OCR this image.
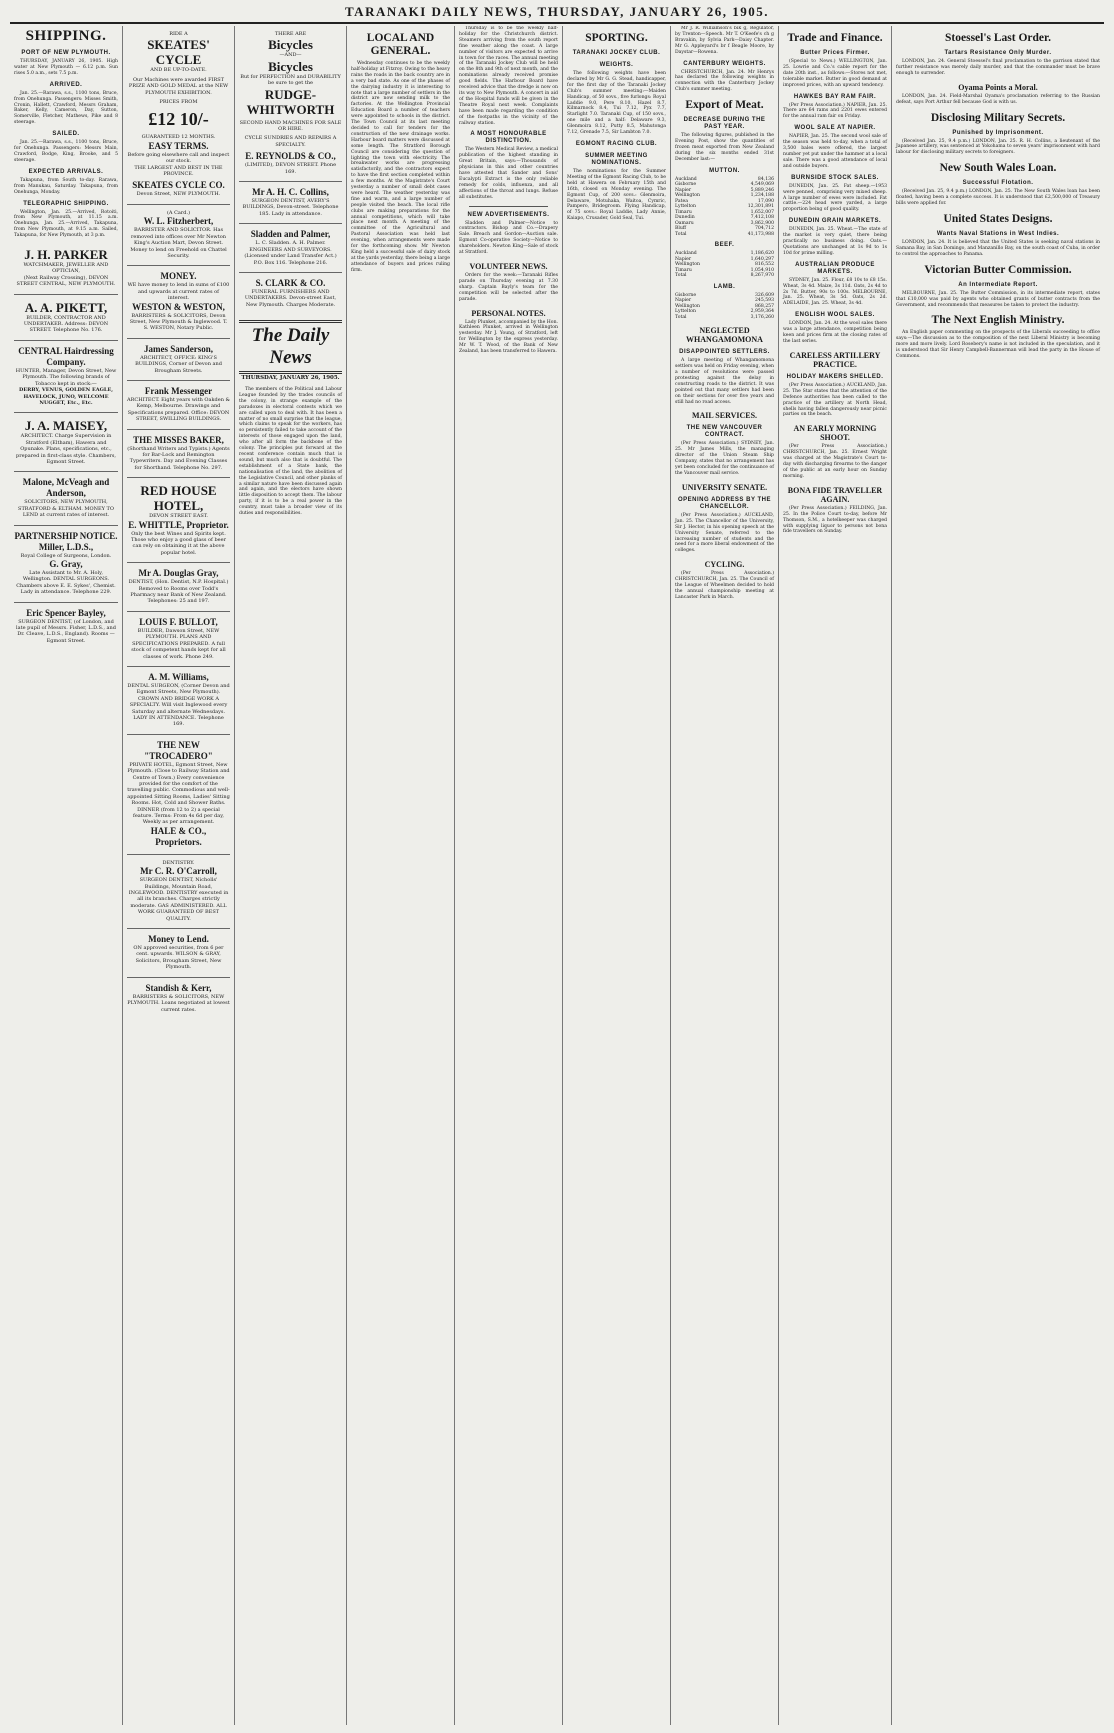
TARANAKI DAILY NEWS, THURSDAY, JANUARY 26, 1905.
SHIPPING.
PORT OF NEW PLYMOUTH.
THURSDAY, JANUARY 26, 1905. High water at New Plymouth — 6.12 p.m. Sun rises 5.0 a.m., sets 7.5 p.m.
ARRIVED.
Jan. 25.—Rarawa, s.s., 1100 tons, Bruce, from Onehunga. Passengers: Misses Smith, Cronin, Hallett, Crawford, Messrs Graham, Baker, Kelly, Cameron, Day, Sutton, Somerville, Fletcher, Mathews, Pike and 8 steerage.
SAILED.
Jan. 25.—Rarawa, s.s., 1100 tons, Bruce, for Onehunga. Passengers: Messrs Main, Crawford, Bodge, King, Brooke, and 5 steerage.
EXPECTED ARRIVALS.
Takapuna, from South to-day. Rarawa, from Manukau, Saturday. Takapuna, from Onehunga, Monday.
TELEGRAPHIC SHIPPING.
Wellington, Jan. 25.—Arrived, Rotoiti, from New Plymouth, at 11.15 a.m. Onehunga, Jan. 25.—Arrived, Takapuna, from New Plymouth, at 9.15 a.m. Sailed, Takapuna, for New Plymouth, at 3 p.m.
J. H. PARKER
WATCHMAKER, JEWELLER AND OPTICIAN,
(Next Railway Crossing), DEVON STREET CENTRAL, NEW PLYMOUTH.
A. A. PIKETT,
BUILDER, CONTRACTOR AND UNDERTAKER. Address: DEVON STREET. Telephone No. 176.
CENTRAL Hairdressing Company.
HUNTER, Manager, Devon Street, New Plymouth. The following brands of Tobacco kept in stock:—
DERBY, VENUS, GOLDEN EAGLE, HAVELOCK, JUNO, WELCOME NUGGET, Etc., Etc.
J. A. MAISEY,
ARCHITECT. Charge Supervision in Stratford (Eltham), Hawera and Opunake. Plans, specifications, etc., prepared in first-class style. Chambers, Egmont Street.
Malone, McVeagh and Anderson,
SOLICITORS, NEW PLYMOUTH, STRATFORD & ELTHAM. MONEY TO LEND at current rates of interest.
PARTNERSHIP NOTICE.
Miller, L.D.S.,
Royal College of Surgeons, London.
G. Gray,
Late Assistant to Mr. A. Holy, Wellington. DENTAL SURGEONS. Chambers above E. E. Sykes', Chemist. Lady in attendance. Telephone 229.
Eric Spencer Bayley,
SURGEON DENTIST, (of London, and late pupil of Messrs. Fisher, L.D.S., and Dr. Cleave, L.D.S., England). Rooms — Egmont Street.
RIDE A
SKEATES' CYCLE
AND BE UP-TO-DATE.
Our Machines were awarded FIRST PRIZE AND GOLD MEDAL at the NEW PLYMOUTH EXHIBITION.
PRICES FROM
£12 10/-
GUARANTEED 12 MONTHS.
EASY TERMS.
Before going elsewhere call and inspect our stock.
THE LARGEST AND BEST IN THE PROVINCE.
SKEATES CYCLE CO.
Devon Street, NEW PLYMOUTH.
(A Card.)
W. L. Fitzherbert,
BARRISTER AND SOLICITOR. Has removed into offices over Mr Newton King's Auction Mart, Devon Street. Money to lend on Freehold on Chattel Security.
MONEY.
WE have money to lend in sums of £100 and upwards at current rates of interest.
WESTON & WESTON,
BARRISTERS & SOLICITORS, Devon Street, New Plymouth & Inglewood. T. S. WESTON, Notary Public.
James Sanderson,
ARCHITECT, OFFICE: KING'S BUILDINGS, Corner of Devon and Brougham Streets.
Frank Messenger
ARCHITECT. Eight years with Oakden & Kemp, Melbourne. Drawings and Specifications prepared. Office: DEVON STREET, SWILLING BUILDINGS.
THE MISSES BAKER,
(Shorthand Writers and Typists.) Agents for Bar-Lock and Remington Typewriters. Day and Evening Classes for Shorthand. Telephone No. 297.
RED HOUSE HOTEL,
DEVON STREET EAST.
E. WHITTLE, Proprietor.
Only the best Wines and Spirits kept. Those who enjoy a good glass of beer can rely on obtaining it at the above popular hotel.
Mr A. Douglas Gray,
DENTIST, (Hon. Dentist, N.P. Hospital.) Removed to Rooms over Todd's Pharmacy near Bank of New Zealand. Telephones: 25 and 197.
LOUIS F. BULLOT,
BUILDER, Dawson Street, NEW PLYMOUTH. PLANS AND SPECIFICATIONS PREPARED. A full stock of competent hands kept for all classes of work. Phone 249.
A. M. Williams,
DENTAL SURGEON, (Corner Devon and Egmont Streets, New Plymouth). CROWN AND BRIDGE WORK A SPECIALTY. Will visit Inglewood every Saturday and alternate Wednesdays. LADY IN ATTENDANCE. Telephone 169.
THE NEW "TROCADERO"
PRIVATE HOTEL, Egmont Street, New Plymouth. (Close to Railway Station and Centre of Town.) Every convenience provided for the comfort of the travelling public. Commodious and well-appointed Sitting Rooms, Ladies' Sitting Rooms. Hot, Cold and Shower Baths. DINNER (from 12 to 2) a special feature. Terms: From 4s 6d per day, Weekly as per arrangement.
HALE & CO., Proprietors.
DENTISTRY.
Mr C. R. O'Carroll,
SURGEON DENTIST, Nicholls' Buildings, Mountain Road, INGLEWOOD. DENTISTRY executed in all its branches. Charges strictly moderate. GAS ADMINISTERED. ALL WORK GUARANTEED OF BEST QUALITY.
Money to Lend.
ON approved securities, from 6 per cent. upwards. WILSON & GRAY, Solicitors, Brougham Street, New Plymouth.
Standish & Kerr,
BARRISTERS & SOLICITORS, NEW PLYMOUTH. Loans negotiated at lowest current rates.
THERE ARE
Bicycles
—AND—
Bicycles
But for PERFECTION and DURABILITY be sure to get the
RUDGE-
WHITWORTH
SECOND HAND MACHINES FOR SALE OR HIRE.
CYCLE SUNDRIES AND REPAIRS A SPECIALTY.
E. REYNOLDS & CO.,
(LIMITED), DEVON STREET. Phone 169.
Mr A. H. C. Collins,
SURGEON DENTIST, AVERY'S BUILDINGS, Devon-street. Telephone 185. Lady in attendance.
Sladden and Palmer,
L. C. Sladden. A. H. Palmer. ENGINEERS AND SURVEYORS. (Licensed under Land Transfer Act.) P.O. Box 116. Telephone 216.
S. CLARK & CO.
FUNERAL FURNISHERS AND UNDERTAKERS. Devon-street East, New Plymouth. Charges Moderate.
The Daily News
THURSDAY, JANUARY 26, 1905.
The members of the Political and Labour League founded by the trades councils of the colony, in strange example of the paradoxes in electoral contests which we are called upon to deal with. It has been a matter of no small surprise that the league, which claims to speak for the workers, has so persistently failed to take account of the interests of those engaged upon the land, who after all form the backbone of the colony. The principles put forward at the recent conference contain much that is sound, but much also that is doubtful. The establishment of a State bank, the nationalisation of the land, the abolition of the Legislative Council, and other planks of a similar nature have been discussed again and again, and the electors have shown little disposition to accept them. The labour party, if it is to be a real power in the country, must take a broader view of its duties and responsibilities.
LOCAL AND GENERAL.
Wednesday continues to be the weekly half-holiday at Fitzroy. Owing to the heavy rains the roads in the back country are in a very bad state. As one of the phases of the dairying industry it is interesting to note that a large number of settlers in the district are now sending milk to the factories. At the Wellington Provincial Education Board a number of teachers were appointed to schools in the district. The Town Council at its last meeting decided to call for tenders for the construction of the new drainage works. Harbour board matters were discussed at some length. The Stratford Borough Council are considering the question of lighting the town with electricity. The breakwater works are progressing satisfactorily, and the contractors expect to have the first section completed within a few months. At the Magistrate's Court yesterday a number of small debt cases were heard. The weather yesterday was fine and warm, and a large number of people visited the beach. The local rifle clubs are making preparations for the annual competitions, which will take place next month. A meeting of the committee of the Agricultural and Pastoral Association was held last evening, when arrangements were made for the forthcoming show. Mr Newton King held a successful sale of dairy stock at the yards yesterday, there being a large attendance of buyers and prices ruling firm.
Thursday is to be the weekly half-holiday for the Christchurch district. Steamers arriving from the south report fine weather along the coast. A large number of visitors are expected to arrive in town for the races. The annual meeting of the Taranaki Jockey Club will be held on the 8th and 9th of next month, and the nominations already received promise good fields. The Harbour Board have received advice that the dredge is now on its way to New Plymouth. A concert in aid of the Hospital funds will be given in the Theatre Royal next week. Complaints have been made regarding the condition of the footpaths in the vicinity of the railway station.
A MOST HONOURABLE DISTINCTION.
The Western Medical Review, a medical publication of the highest standing in Great Britain, says:—Thousands of physicians in this and other countries have attested that Sander and Sons' Eucalypti Extract is the only reliable remedy for colds, influenza, and all affections of the throat and lungs. Refuse all substitutes.
NEW ADVERTISEMENTS.
Sladden and Palmer—Notice to contractors. Bishop and Co.—Drapery Sale. Breach and Gordon—Auction sale. Egmont Co-operative Society—Notice to shareholders. Newton King—Sale of stock at Stratford.
VOLUNTEER NEWS.
Orders for the week:—Taranaki Rifles parade on Thursday evening at 7.30 sharp. Captain Bayly's team for the competition will be selected after the parade.
PERSONAL NOTES.
Lady Plunket, accompanied by the Hon. Kathleen Plunket, arrived in Wellington yesterday. Mr J. Young, of Stratford, left for Wellington by the express yesterday. Mr W. T. Wood, of the Bank of New Zealand, has been transferred to Hawera.
SPORTING.
TARANAKI JOCKEY CLUB.
WEIGHTS.
The following weights have been declared by Mr G. G. Stead, handicapper, for the first day of the Taranaki Jockey Club's summer meeting:—Maiden Handicap, of 50 sovs., five furlongs: Royal Laddie 9.0, Pere 8.10, Hazel 8.7, Kilmarnock 8.4, Tui 7.12, Pyx 7.7, Starlight 7.0. Taranaki Cup, of 150 sovs., one mile and a half: Delaware 9.3, Glenmoira 8.12, Putty 8.5, Mahutonga 7.12, Grenade 7.5, Sir Lambton 7.0.
EGMONT RACING CLUB.
SUMMER MEETING NOMINATIONS.
The nominations for the Summer Meeting of the Egmont Racing Club, to be held at Hawera on February 15th and 16th, closed on Monday evening. The Egmont Cup, of 200 sovs.: Glenmoira, Delaware, Motuhaka, Waitoa, Cymric, Pampero, Bridegroom. Flying Handicap, of 75 sovs.: Royal Laddie, Lady Annie, Kaiapo, Crusader, Gold Seal, Tui.
Mr J. R. Williamson's bik g, Regulator, by Trenton—Speech. Mr T. O'Keefe's ch g Bravakin, by Sylvia Park—Daisy Chapter. Mr G. Appleyard's br f Beagle Moore, by Daystar—Rowena.
CANTERBURY WEIGHTS.
CHRISTCHURCH, Jan. 24. Mr Henrys has declared the following weights in connection with the Canterbury Jockey Club's summer meeting.
Export of Meat.
DECREASE DURING THE PAST YEAR.
The following figures, published in the Evening Post, show the quantities of frozen meat exported from New Zealand during the six months ended 31st December last:—
MUTTON.
Auckland	84,136
Gisborne	4,549,069
Napier	5,889,246
Wellington	1,234,188
Patea	17,090
Lyttelton	12,301,891
Timaru	1,652,007
Dunedin	7,412,108
Oamaru	3,862,900
Bluff	704,712
Total	41,173,988
BEEF.
Auckland	1,186,620
Napier	1,640,297
Wellington	816,552
Timaru	1,054,910
Total	8,267,970
LAMB.
Gisborne	326,609
Napier	245,593
Wellington	868,257
Lyttelton	2,959,364
Total	3,176,260
NEGLECTED WHANGAMOMONA
DISAPPOINTED SETTLERS.
A large meeting of Whangamomona settlers was held on Friday evening, when a number of resolutions were passed protesting against the delay in constructing roads to the district. It was pointed out that many settlers had been on their sections for over five years and still had no road access.
MAIL SERVICES.
THE NEW VANCOUVER CONTRACT.
(Per Press Association.) SYDNEY, Jan. 25. Mr James Mills, the managing director of the Union Steam Ship Company, states that no arrangement has yet been concluded for the continuance of the Vancouver mail service.
UNIVERSITY SENATE.
OPENING ADDRESS BY THE CHANCELLOR.
(Per Press Association.) AUCKLAND, Jan. 25. The Chancellor of the University, Sir J. Hector, in his opening speech at the University Senate, referred to the increasing number of students and the need for a more liberal endowment of the colleges.
CYCLING.
(Per Press Association.) CHRISTCHURCH, Jan. 25. The Council of the League of Wheelmen decided to hold the annual championship meeting at Lancaster Park in March.
Trade and Finance.
Butter Prices Firmer.
(Special to News.) WELLINGTON, Jan. 25. Lowrie and Co.'s cable report for the date 20th inst., as follows:—Stores not met, tolerable market. Butter in good demand at improved prices, with an upward tendency.
HAWKES BAY RAM FAIR.
(Per Press Association.) NAPIER, Jan. 25. There are 64 rams and 2201 ewes entered for the annual ram fair on Friday.
WOOL SALE AT NAPIER.
NAPIER, Jan. 25. The second wool sale of the season was held to-day, when a total of 3,500 bales were offered, the largest number yet put under the hammer at a local sale. There was a good attendance of local and outside buyers.
BURNSIDE STOCK SALES.
DUNEDIN, Jan. 25. Fat sheep.—1953 were penned, comprising very mixed sheep. A large number of ewes were included. Fat cattle.—224 head were yarded, a large proportion being of good quality.
DUNEDIN GRAIN MARKETS.
DUNEDIN, Jan. 25. Wheat.—The state of the market is very quiet, there being practically no business doing. Oats.—Quotations are unchanged at 1s 9d to 1s 10d for prime milling.
AUSTRALIAN PRODUCE MARKETS.
SYDNEY, Jan. 25. Flour, £8 10s to £8 15s. Wheat, 3s 4d. Maize, 3s 11d. Oats, 2s 4d to 2s 7d. Butter, 90s to 100s. MELBOURNE, Jan. 25. Wheat, 3s 5d. Oats, 2s 2d. ADELAIDE, Jan. 25. Wheat, 3s 4d.
ENGLISH WOOL SALES.
LONDON, Jan. 24. At the wool sales there was a large attendance, competition being keen and prices firm at the closing rates of the last series.
CARELESS ARTILLERY PRACTICE.
HOLIDAY MAKERS SHELLED.
(Per Press Association.) AUCKLAND, Jan. 25. The Star states that the attention of the Defence authorities has been called to the practice of the artillery at North Head, shells having fallen dangerously near picnic parties on the beach.
AN EARLY MORNING SHOOT.
(Per Press Association.) CHRISTCHURCH, Jan. 25. Ernest Wright was charged at the Magistrate's Court to-day with discharging firearms to the danger of the public at an early hour on Sunday morning.
BONA FIDE TRAVELLER AGAIN.
(Per Press Association.) FEILDING, Jan. 25. In the Police Court to-day, before Mr Thomson, S.M., a hotelkeeper was charged with supplying liquor to persons not bona fide travellers on Sunday.
Stoessel's Last Order.
Tartars Resistance Only Murder.
LONDON, Jan. 24. General Stoessel's final proclamation to the garrison stated that further resistance was merely daily murder, and that the commander must be brave enough to surrender.
Oyama Points a Moral.
LONDON, Jan. 24. Field-Marshal Oyama's proclamation referring to the Russian defeat, says Port Arthur fell because God is with us.
Disclosing Military Secrets.
Punished by Imprisonment.
(Received Jan. 25, 9.4 p.m.) LONDON, Jan. 25. R. H. Collins, a lieutenant of the Japanese artillery, was sentenced at Yokohama to seven years' imprisonment with hard labour for disclosing military secrets to foreigners.
New South Wales Loan.
Successful Flotation.
(Received Jan. 25, 9.4 p.m.) LONDON, Jan. 25. The New South Wales loan has been floated, having been a complete success. It is understood that £2,500,000 of Treasury bills were applied for.
United States Designs.
Wants Naval Stations in West Indies.
LONDON, Jan. 24. It is believed that the United States is seeking naval stations in Samana Bay, in San Domingo, and Manzanillo Bay, on the south coast of Cuba, in order to control the approaches to Panama.
Victorian Butter Commission.
An Intermediate Report.
MELBOURNE, Jan. 25. The Butter Commission, in its intermediate report, states that £10,000 was paid by agents who obtained grants of butter contracts from the Government, and recommends that measures be taken to protect the industry.
The Next English Ministry.
An English paper commenting on the prospects of the Liberals succeeding to office says:—The discussion as to the composition of the next Liberal Ministry is becoming more and more lively. Lord Rosebery's name is not included in the speculation, and it is understood that Sir Henry Campbell-Bannerman will lead the party in the House of Commons.
